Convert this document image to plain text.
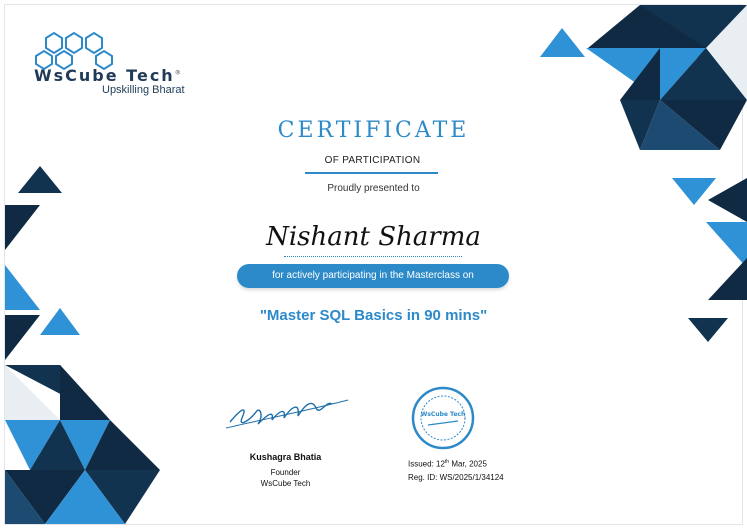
WsCube Tech®
Upskilling Bharat
CERTIFICATE
OF PARTICIPATION
Proudly presented to
Nishant Sharma
for actively participating in the Masterclass on
"Master SQL Basics in 90 mins"
Kushagra Bhatia
Founder
WsCube Tech
WsCube Tech
Issued: 12th Mar, 2025
Reg. ID: WS/2025/1/34124
